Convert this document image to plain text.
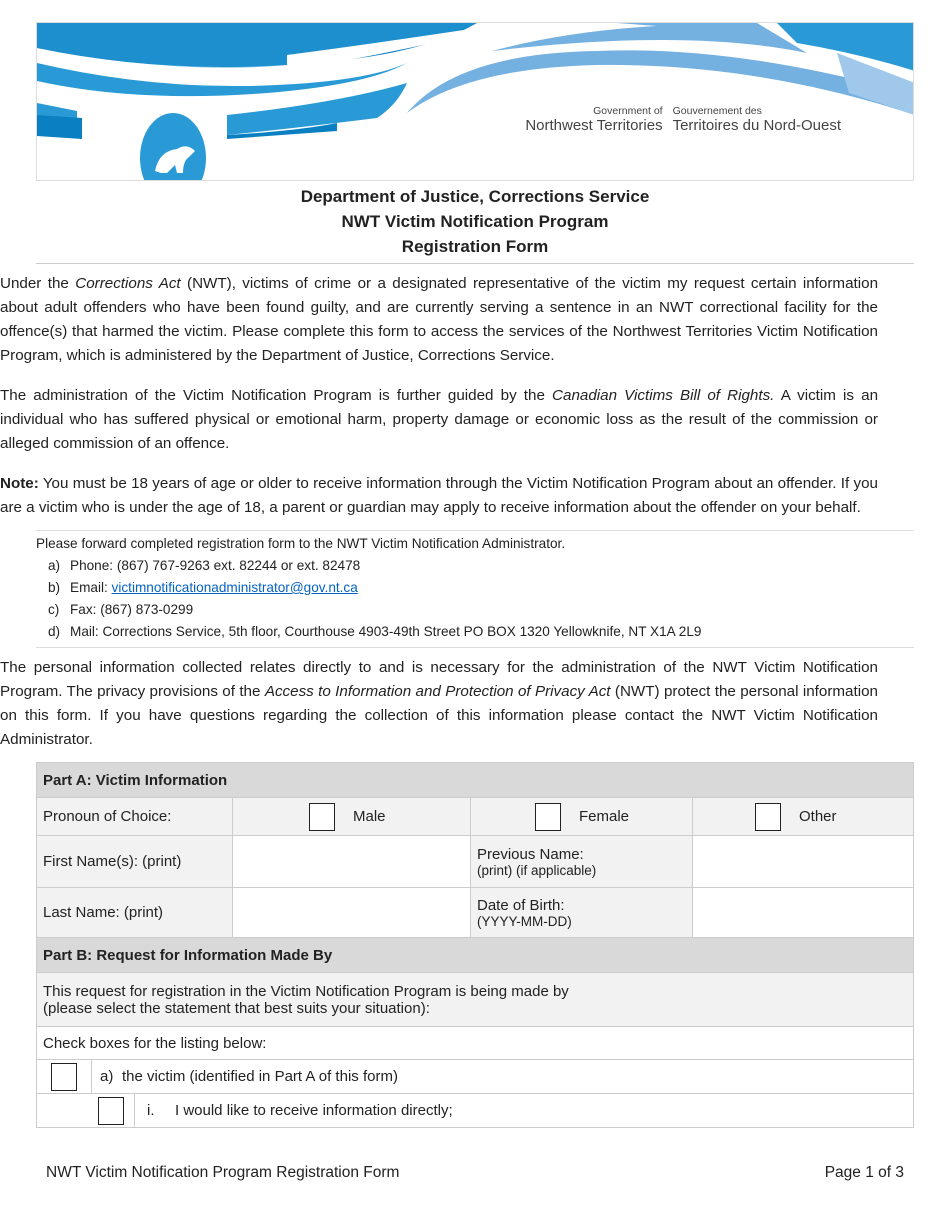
Government of
Northwest Territories
Gouvernement des
Territoires du Nord-Ouest
Department of Justice, Corrections Service
NWT Victim Notification Program
Registration Form

Under the Corrections Act (NWT), victims of crime or a designated representative of the victim my request certain information about adult offenders who have been found guilty, and are currently serving a sentence in an NWT correctional facility for the offence(s) that harmed the victim. Please complete this form to access the services of the Northwest Territories Victim Notification Program, which is administered by the Department of Justice, Corrections Service.

The administration of the Victim Notification Program is further guided by the Canadian Victims Bill of Rights. A victim is an individual who has suffered physical or emotional harm, property damage or economic loss as the result of the commission or alleged commission of an offence.

Note: You must be 18 years of age or older to receive information through the Victim Notification Program about an offender. If you are a victim who is under the age of 18, a parent or guardian may apply to receive information about the offender on your behalf.

Please forward completed registration form to the NWT Victim Notification Administrator.
a) Phone: (867) 767-9263 ext. 82244 or ext. 82478
b) Email: victimnotificationadministrator@gov.nt.ca
c) Fax: (867) 873-0299
d) Mail: Corrections Service, 5th floor, Courthouse 4903-49th Street PO BOX 1320 Yellowknife, NT X1A 2L9

The personal information collected relates directly to and is necessary for the administration of the NWT Victim Notification Program. The privacy provisions of the Access to Information and Protection of Privacy Act (NWT) protect the personal information on this form. If you have questions regarding the collection of this information please contact the NWT Victim Notification Administrator.

Part A: Victim Information			
Pronoun of Choice:	Male	Female	Other
First Name(s): (print)		Previous Name:
(print) (if applicable)	

Last Name: (print)		Date of Birth:
(YYYY-MM-DD)	

Part B: Request for Information Made By			

This request for registration in the Victim Notification Program is being made by
(please select the statement that best suits your situation):			

Check boxes for the listing below:			

a) the victim (identified in Part A of this form)			

i. I would like to receive information directly;			
NWT Victim Notification Program Registration Form	Page 1 of 3
